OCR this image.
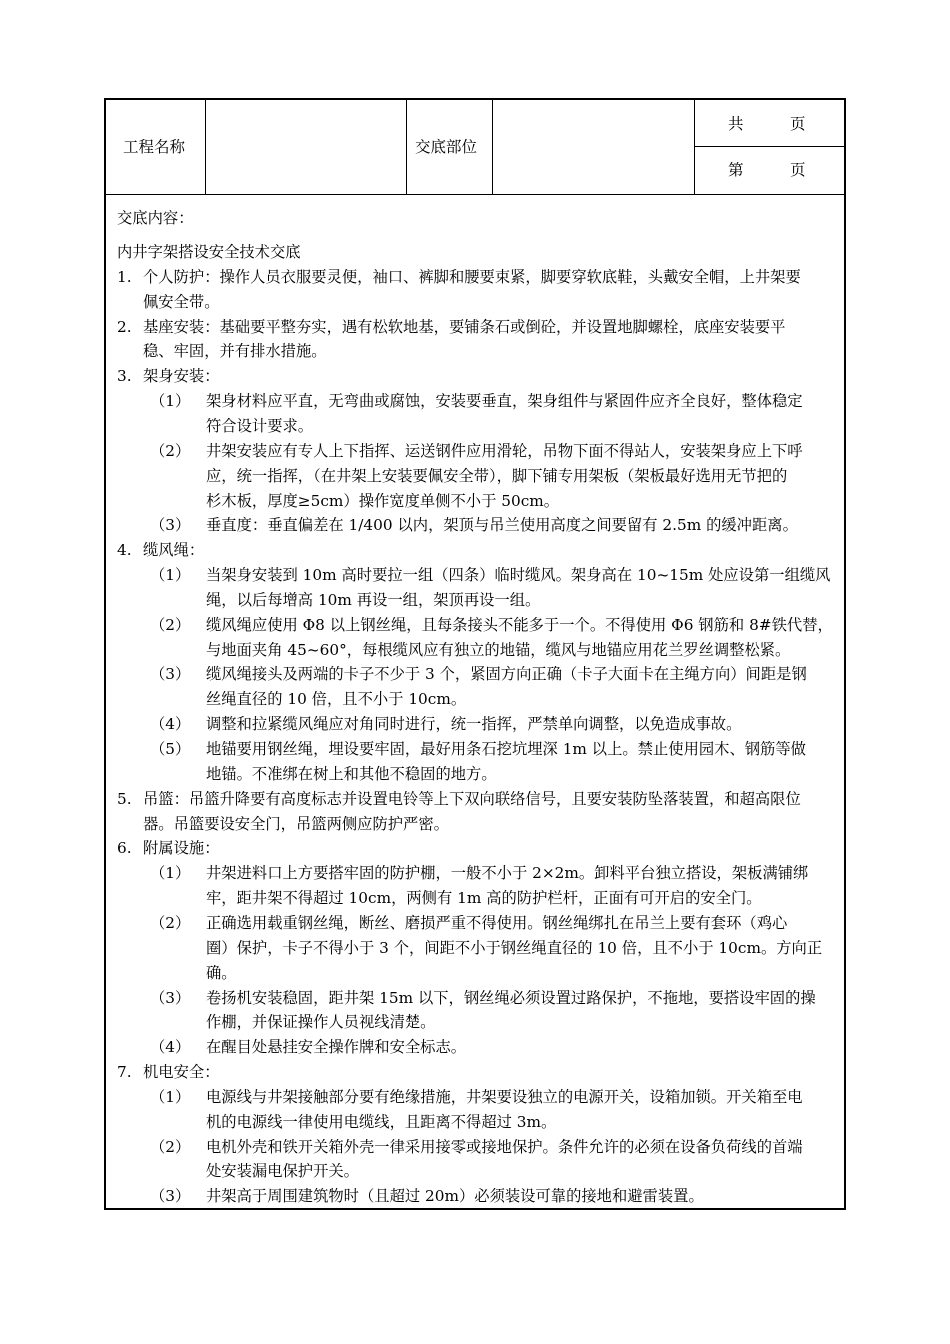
工程名称	交底部位
共　　　页
第　　　页
交底内容：
内井字架搭设安全技术交底
1. 个人防护：操作人员衣服要灵便，袖口、裤脚和腰要束紧，脚要穿软底鞋，头戴安全帽，上井架要
佩安全带。
2. 基座安装：基础要平整夯实，遇有松软地基，要铺条石或倒砼，并设置地脚螺栓，底座安装要平
稳、牢固，并有排水措施。
3. 架身安装：
（1） 架身材料应平直，无弯曲或腐蚀，安装要垂直，架身组件与紧固件应齐全良好，整体稳定
符合设计要求。
（2） 井架安装应有专人上下指挥、运送钢件应用滑轮，吊物下面不得站人，安装架身应上下呼
应，统一指挥，（在井架上安装要佩安全带），脚下铺专用架板（架板最好选用无节把的
杉木板，厚度≥5cm）操作宽度单侧不小于 50cm。
（3） 垂直度：垂直偏差在 1/400 以内，架顶与吊兰使用高度之间要留有 2.5m 的缓冲距离。
4. 缆风绳：
（1） 当架身安装到 10m 高时要拉一组（四条）临时缆风。架身高在 10~15m 处应设第一组缆风
绳，以后每增高 10m 再设一组，架顶再设一组。
（2） 缆风绳应使用 Φ8 以上钢丝绳，且每条接头不能多于一个。不得使用 Φ6 钢筋和 8#铁代替，
与地面夹角 45~60°，每根缆风应有独立的地锚，缆风与地锚应用花兰罗丝调整松紧。
（3） 缆风绳接头及两端的卡子不少于 3 个，紧固方向正确（卡子大面卡在主绳方向）间距是钢
丝绳直径的 10 倍，且不小于 10cm。
（4） 调整和拉紧缆风绳应对角同时进行，统一指挥，严禁单向调整，以免造成事故。
（5） 地锚要用钢丝绳，埋设要牢固，最好用条石挖坑埋深 1m 以上。禁止使用园木、钢筋等做
地锚。不准绑在树上和其他不稳固的地方。
5. 吊篮：吊篮升降要有高度标志并设置电铃等上下双向联络信号，且要安装防坠落装置，和超高限位
器。吊篮要设安全门，吊篮两侧应防护严密。
6. 附属设施：
（1） 井架进料口上方要搭牢固的防护棚，一般不小于 2×2m。卸料平台独立搭设，架板满铺绑
牢，距井架不得超过 10cm，两侧有 1m 高的防护栏杆，正面有可开启的安全门。
（2） 正确选用载重钢丝绳，断丝、磨损严重不得使用。钢丝绳绑扎在吊兰上要有套环（鸡心
圈）保护，卡子不得小于 3 个，间距不小于钢丝绳直径的 10 倍，且不小于 10cm。方向正
确。
（3） 卷扬机安装稳固，距井架 15m 以下，钢丝绳必须设置过路保护，不拖地，要搭设牢固的操
作棚，并保证操作人员视线清楚。
（4） 在醒目处悬挂安全操作牌和安全标志。
7. 机电安全：
（1） 电源线与井架接触部分要有绝缘措施，井架要设独立的电源开关，设箱加锁。开关箱至电
机的电源线一律使用电缆线，且距离不得超过 3m。
（2） 电机外壳和铁开关箱外壳一律采用接零或接地保护。条件允许的必须在设备负荷线的首端
处安装漏电保护开关。
（3） 井架高于周围建筑物时（且超过 20m）必须装设可靠的接地和避雷装置。
